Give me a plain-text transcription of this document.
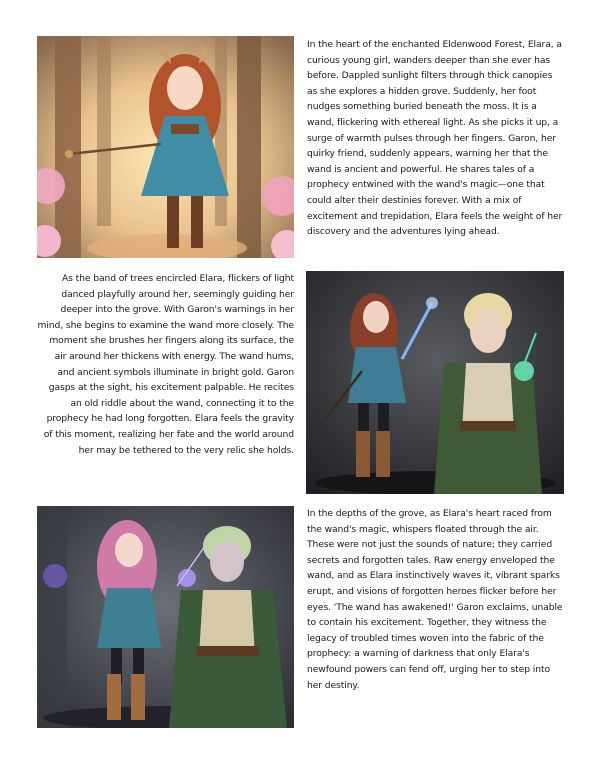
In the heart of the enchanted Eldenwood Forest, Elara, a curious young girl, wanders deeper than she ever has before. Dappled sunlight filters through thick canopies as she explores a hidden grove. Suddenly, her foot nudges something buried beneath the moss. It is a wand, flickering with ethereal light. As she picks it up, a surge of warmth pulses through her fingers. Garon, her quirky friend, suddenly appears, warning her that the wand is ancient and powerful. He shares tales of a prophecy entwined with the wand's magic—one that could alter their destinies forever. With a mix of excitement and trepidation, Elara feels the weight of her discovery and the adventures lying ahead.
As the band of trees encircled Elara, flickers of light danced playfully around her, seemingly guiding her deeper into the grove. With Garon's warnings in her mind, she begins to examine the wand more closely. The moment she brushes her fingers along its surface, the air around her thickens with energy. The wand hums, and ancient symbols illuminate in bright gold. Garon gasps at the sight, his excitement palpable. He recites an old riddle about the wand, connecting it to the prophecy he had long forgotten. Elara feels the gravity of this moment, realizing her fate and the world around her may be tethered to the very relic she holds.
In the depths of the grove, as Elara's heart raced from the wand's magic, whispers floated through the air. These were not just the sounds of nature; they carried secrets and forgotten tales. Raw energy enveloped the wand, and as Elara instinctively waves it, vibrant sparks erupt, and visions of forgotten heroes flicker before her eyes. 'The wand has awakened!' Garon exclaims, unable to contain his excitement. Together, they witness the legacy of troubled times woven into the fabric of the prophecy: a warning of darkness that only Elara's newfound powers can fend off, urging her to step into her destiny.
